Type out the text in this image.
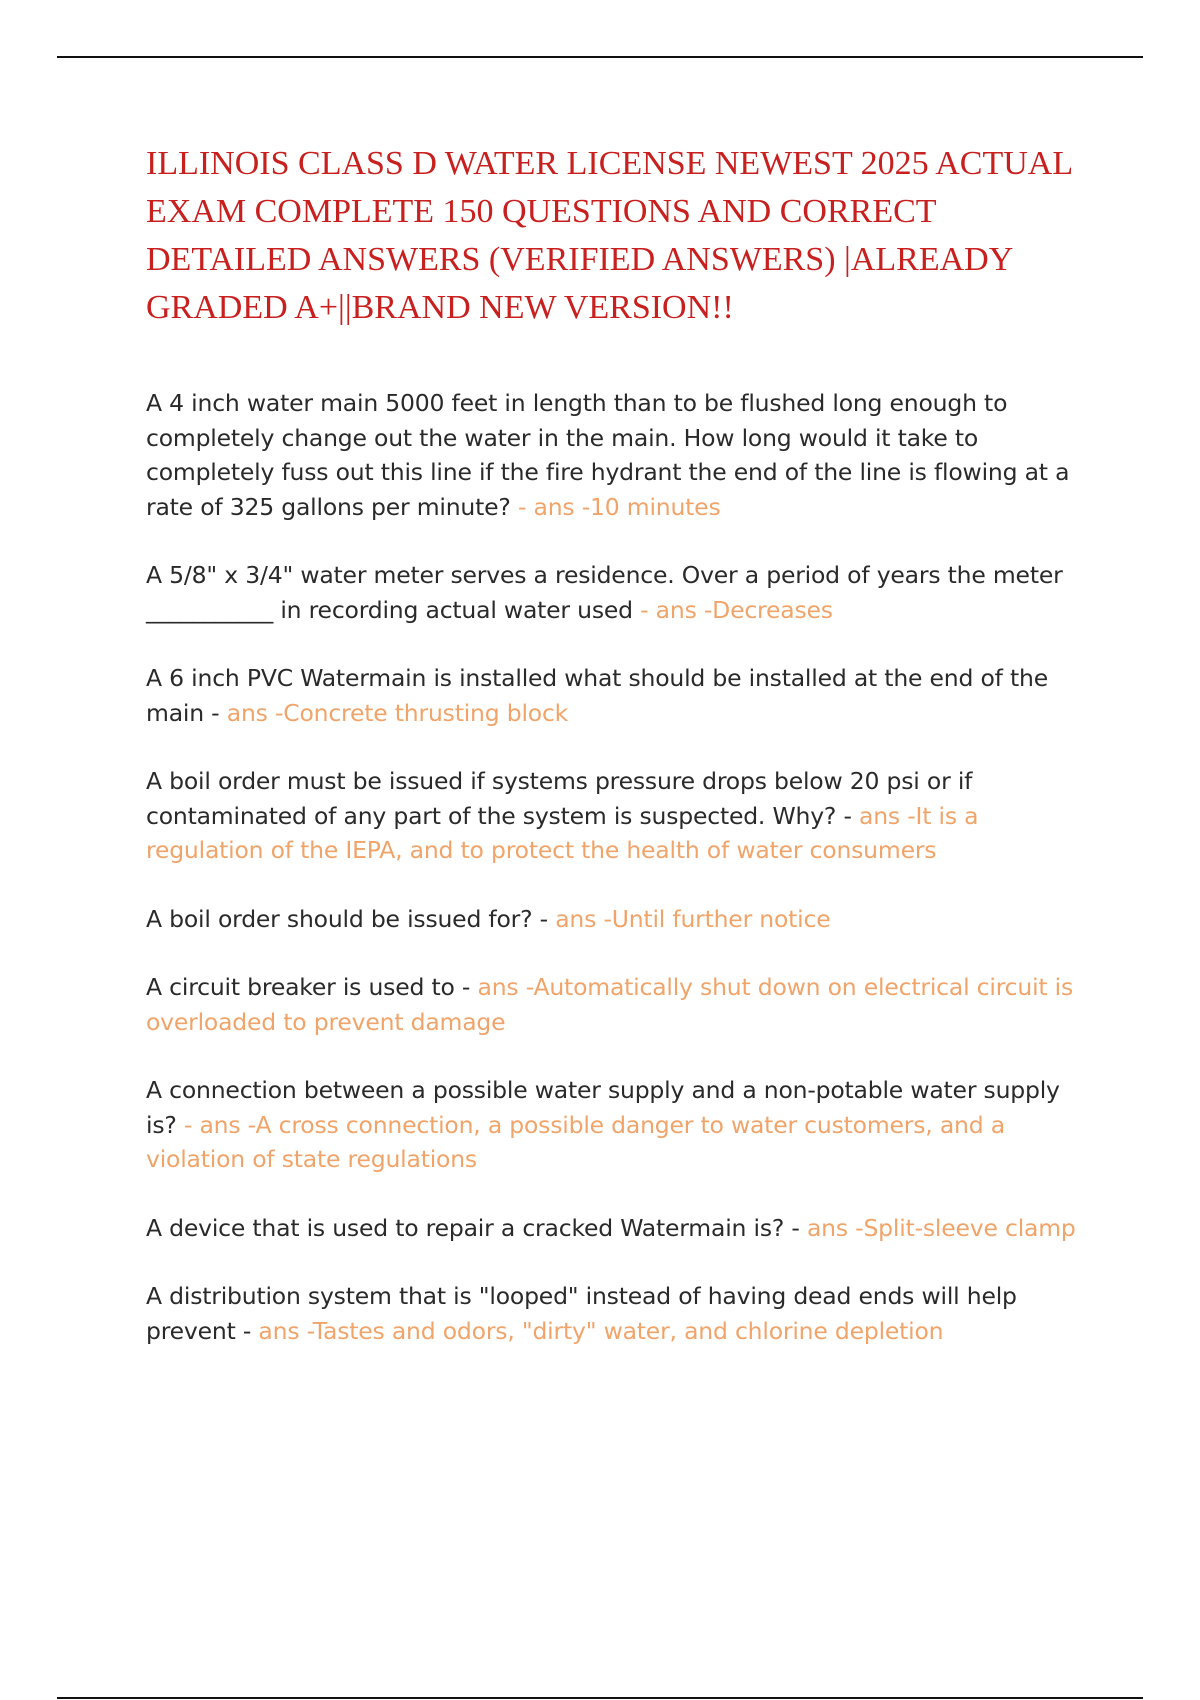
ILLINOIS CLASS D WATER LICENSE NEWEST 2025 ACTUAL EXAM COMPLETE 150 QUESTIONS AND CORRECT DETAILED ANSWERS (VERIFIED ANSWERS) |ALREADY GRADED A+||BRAND NEW VERSION!!

A 4 inch water main 5000 feet in length than to be flushed long enough to completely change out the water in the main. How long would it take to completely fuss out this line if the fire hydrant the end of the line is flowing at a rate of 325 gallons per minute? - ans -10 minutes

A 5/8" x 3/4" water meter serves a residence. Over a period of years the meter ___________ in recording actual water used - ans -Decreases

A 6 inch PVC Watermain is installed what should be installed at the end of the main - ans -Concrete thrusting block

A boil order must be issued if systems pressure drops below 20 psi or if contaminated of any part of the system is suspected. Why? - ans -It is a regulation of the IEPA, and to protect the health of water consumers

A boil order should be issued for? - ans -Until further notice

A circuit breaker is used to - ans -Automatically shut down on electrical circuit is overloaded to prevent damage

A connection between a possible water supply and a non-potable water supply is? - ans -A cross connection, a possible danger to water customers, and a violation of state regulations

A device that is used to repair a cracked Watermain is? - ans -Split-sleeve clamp

A distribution system that is "looped" instead of having dead ends will help prevent - ans -Tastes and odors, "dirty" water, and chlorine depletion
